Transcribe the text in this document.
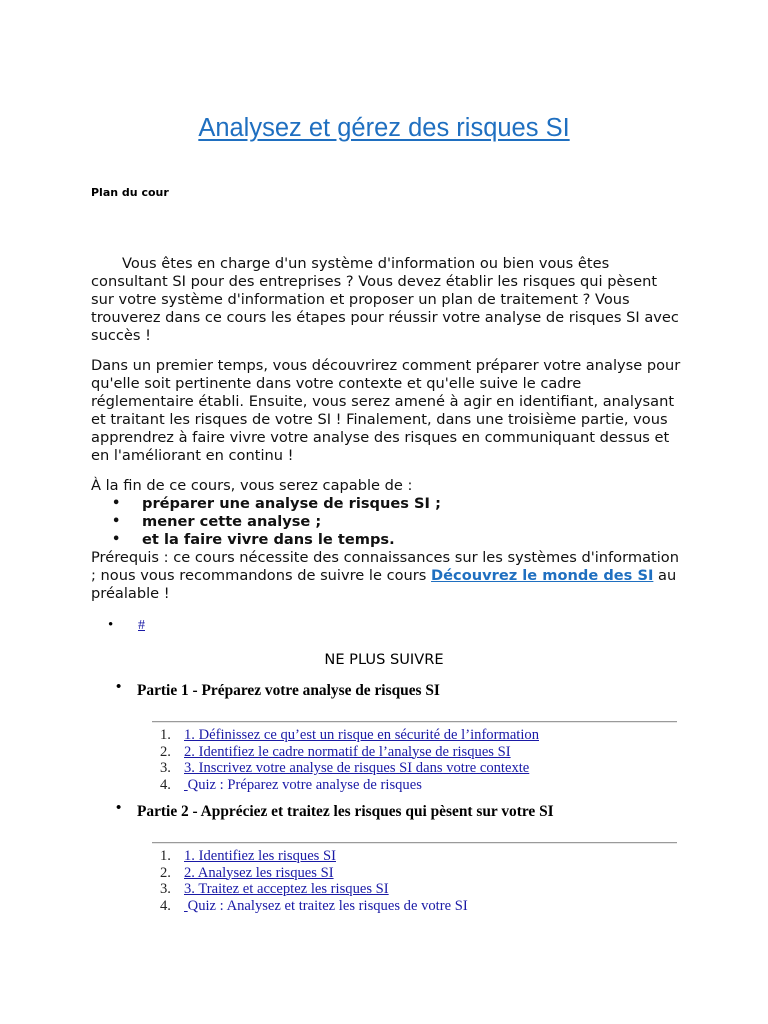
Analysez et gérez des risques SI
Plan du cour

Vous êtes en charge d'un système d'information ou bien vous êtes consultant SI pour des entreprises ? Vous devez établir les risques qui pèsent sur votre système d'information et proposer un plan de traitement ? Vous trouverez dans ce cours les étapes pour réussir votre analyse de risques SI avec succès !

Dans un premier temps, vous découvrirez comment préparer votre analyse pour qu'elle soit pertinente dans votre contexte et qu'elle suive le cadre réglementaire établi. Ensuite, vous serez amené à agir en identifiant, analysant et traitant les risques de votre SI ! Finalement, dans une troisième partie, vous apprendrez à faire vivre votre analyse des risques en communiquant dessus et en l'améliorant en continu !

À la fin de ce cours, vous serez capable de :

• préparer une analyse de risques SI ;
• mener cette analyse ;
• et la faire vivre dans le temps.

Prérequis : ce cours nécessite des connaissances sur les systèmes d'information ; nous vous recommandons de suivre le cours Découvrez le monde des SI au préalable !

• #
NE PLUS SUIVRE
• Partie 1 - Préparez votre analyse de risques SI
1. 1. Définissez ce qu’est un risque en sécurité de l’information
2. 2. Identifiez le cadre normatif de l’analyse de risques SI
3. 3. Inscrivez votre analyse de risques SI dans votre contexte
4. Quiz : Préparez votre analyse de risques
• Partie 2 - Appréciez et traitez les risques qui pèsent sur votre SI
1. 1. Identifiez les risques SI
2. 2. Analysez les risques SI
3. 3. Traitez et acceptez les risques SI
4. Quiz : Analysez et traitez les risques de votre SI
